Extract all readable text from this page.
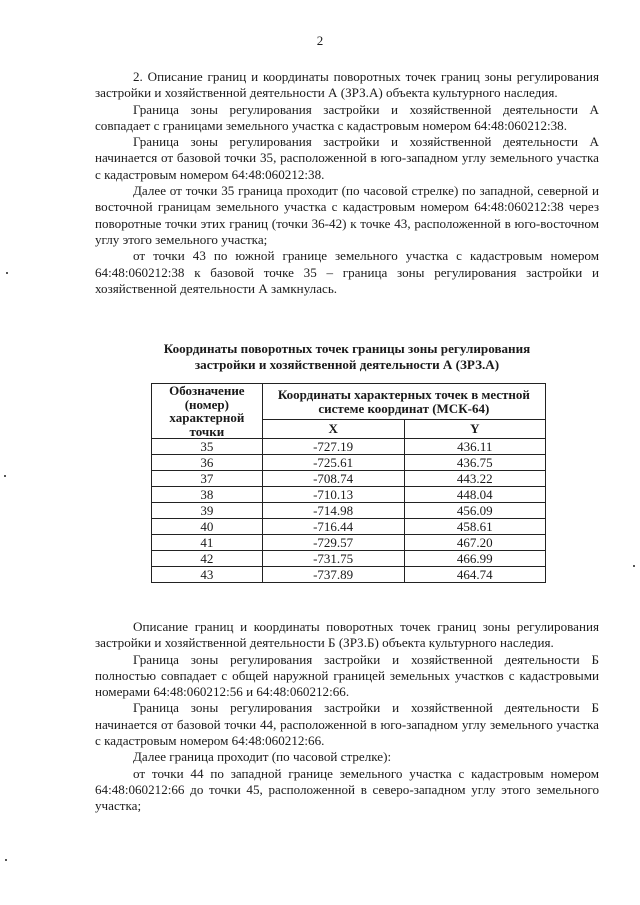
2

2. Описание границ и координаты поворотных точек границ зоны регулирования застройки и хозяйственной деятельности А (ЗРЗ.А) объекта культурного наследия.

Граница зоны регулирования застройки и хозяйственной деятельности А совпадает с границами земельного участка с кадастровым номером 64:48:060212:38.

Граница зоны регулирования застройки и хозяйственной деятельности А начинается от базовой точки 35, расположенной в юго-западном углу земельного участка с кадастровым номером 64:48:060212:38.

Далее от точки 35 граница проходит (по часовой стрелке) по западной, северной и восточной границам земельного участка с кадастровым номером 64:48:060212:38 через поворотные точки этих границ (точки 36-42) к точке 43, расположенной в юго-восточном углу этого земельного участка;

от точки 43 по южной границе земельного участка с кадастровым номером 64:48:060212:38 к базовой точке 35 – граница зоны регулирования застройки и хозяйственной деятельности А замкнулась.

Координаты поворотных точек границы зоны регулирования
застройки и хозяйственной деятельности А (ЗРЗ.А)
Обозначение (номер) характерной точки	Координаты характерных точек в местной системе координат (МСК-64)	
	X	Y
35	-727.19	436.11
36	-725.61	436.75
37	-708.74	443.22
38	-710.13	448.04
39	-714.98	456.09
40	-716.44	458.61
41	-729.57	467.20
42	-731.75	466.99
43	-737.89	464.74

Описание границ и координаты поворотных точек границ зоны регулирования застройки и хозяйственной деятельности Б (ЗРЗ.Б) объекта культурного наследия.

Граница зоны регулирования застройки и хозяйственной деятельности Б полностью совпадает с общей наружной границей земельных участков с кадастровыми номерами 64:48:060212:56 и 64:48:060212:66.

Граница зоны регулирования застройки и хозяйственной деятельности Б начинается от базовой точки 44, расположенной в юго-западном углу земельного участка с кадастровым номером 64:48:060212:66.

Далее граница проходит (по часовой стрелке):

от точки 44 по западной границе земельного участка с кадастровым номером 64:48:060212:66 до точки 45, расположенной в северо-западном углу этого земельного участка;
